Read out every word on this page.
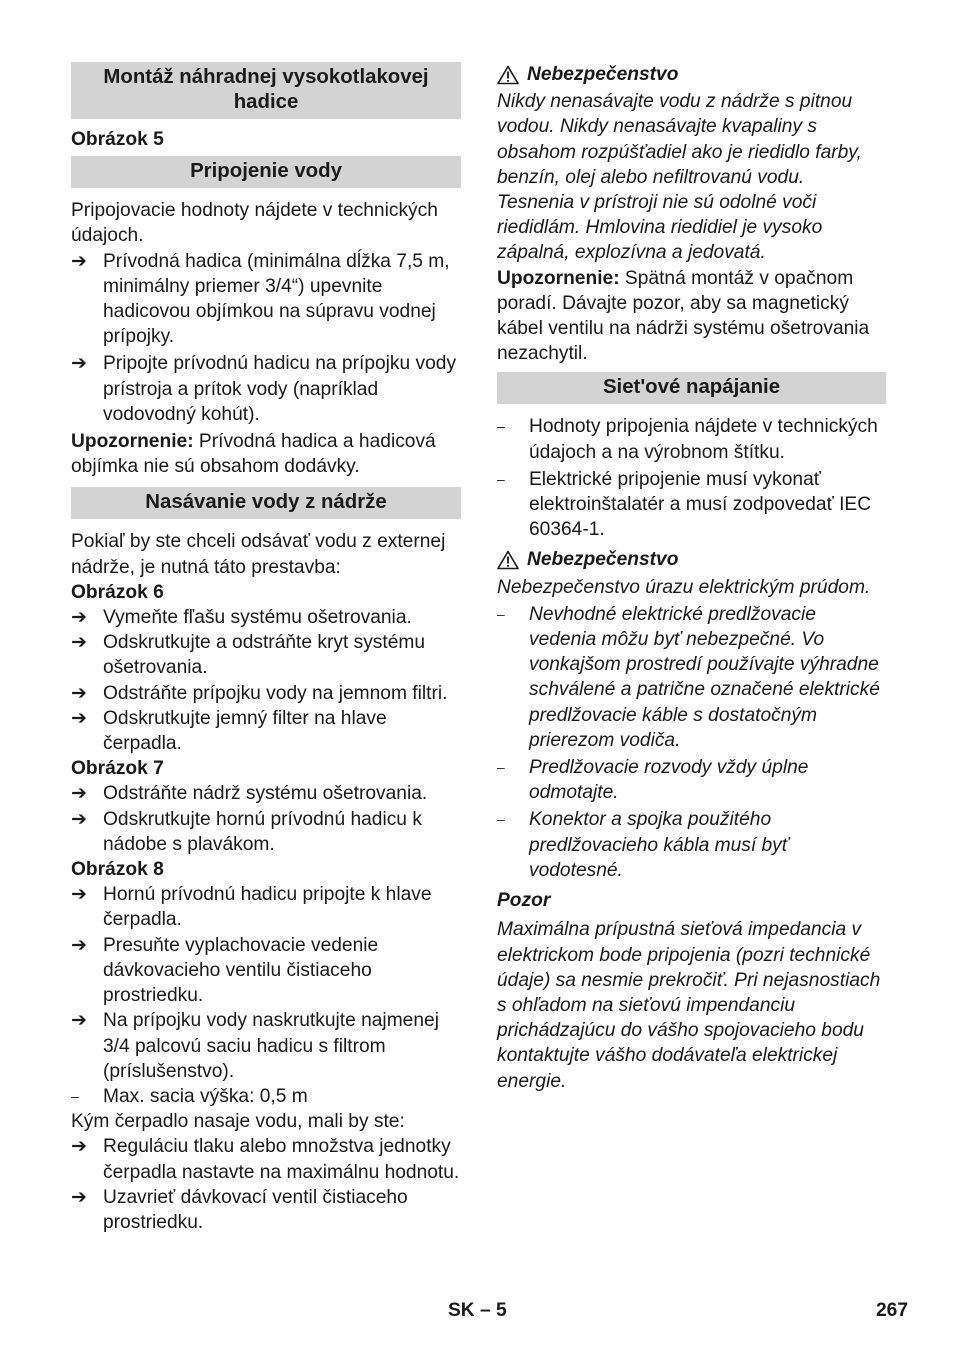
Montáž náhradnej vysokotlakovej hadice

Obrázok 5

Pripojenie vody

Pripojovacie hodnoty nájdete v technických údajoch.

➔ Prívodná hadica (minimálna dĺžka 7,5 m, minimálny priemer 3/4“) upevnite hadicovou objímkou na súpravu vodnej prípojky.
➔ Pripojte prívodnú hadicu na prípojku vody prístroja a prítok vody (napríklad vodovodný kohút).

Upozornenie: Prívodná hadica a hadicová objímka nie sú obsahom dodávky.

Nasávanie vody z nádrže

Pokiaľ by ste chceli odsávať vodu z externej nádrže, je nutná táto prestavba:

Obrázok 6

➔ Vymeňte fľašu systému ošetrovania.
➔ Odskrutkujte a odstráňte kryt systému ošetrovania.
➔ Odstráňte prípojku vody na jemnom filtri.
➔ Odskrutkujte jemný filter na hlave čerpadla.

Obrázok 7

➔ Odstráňte nádrž systému ošetrovania.
➔ Odskrutkujte hornú prívodnú hadicu k nádobe s plavákom.

Obrázok 8

➔ Hornú prívodnú hadicu pripojte k hlave čerpadla.
➔ Presuňte vyplachovacie vedenie dávkovacieho ventilu čistiaceho prostriedku.
➔ Na prípojku vody naskrutkujte najmenej 3/4 palcovú saciu hadicu s filtrom (príslušenstvo).
–	Max. sacia výška: 0,5 m

Kým čerpadlo nasaje vodu, mali by ste:

➔ Reguláciu tlaku alebo množstva jednotky čerpadla nastavte na maximálnu hodnotu.
➔ Uzavrieť dávkovací ventil čistiaceho prostriedku.
Nebezpečenstvo

Nikdy nenasávajte vodu z nádrže s pitnou vodou. Nikdy nenasávajte kvapaliny s obsahom rozpúšťadiel ako je riedidlo farby, benzín, olej alebo nefiltrovanú vodu. Tesnenia v prístroji nie sú odolné voči riedidlám. Hmlovina riedidiel je vysoko zápalná, explozívna a jedovatá.

Upozornenie: Spätná montáž v opačnom poradí. Dávajte pozor, aby sa magnetický kábel ventilu na nádrži systému ošetrovania nezachytil.

Siet'ové napájanie
–	Hodnoty pripojenia nájdete v technických údajoch a na výrobnom štítku.
–	Elektrické pripojenie musí vykonať elektroinštalatér a musí zodpovedať IEC 60364-1.
Nebezpečenstvo

Nebezpečenstvo úrazu elektrickým prúdom.

–	Nevhodné elektrické predlžovacie vedenia môžu byť nebezpečné. Vo vonkajšom prostredí používajte výhradne schválené a patrične označené elektrické predlžovacie káble s dostatočným prierezom vodiča.
–	Predlžovacie rozvody vždy úplne odmotajte.
–	Konektor a spojka použitého predlžovacieho kábla musí byť vodotesné.

Pozor

Maximálna prípustná sieťová impedancia v elektrickom bode pripojenia (pozri technické údaje) sa nesmie prekročiť. Pri nejasnostiach s ohľadom na sieťovú impendanciu prichádzajúcu do vášho spojovacieho bodu kontaktujte vášho dodávateľa elektrickej energie.

SK – 5	267
